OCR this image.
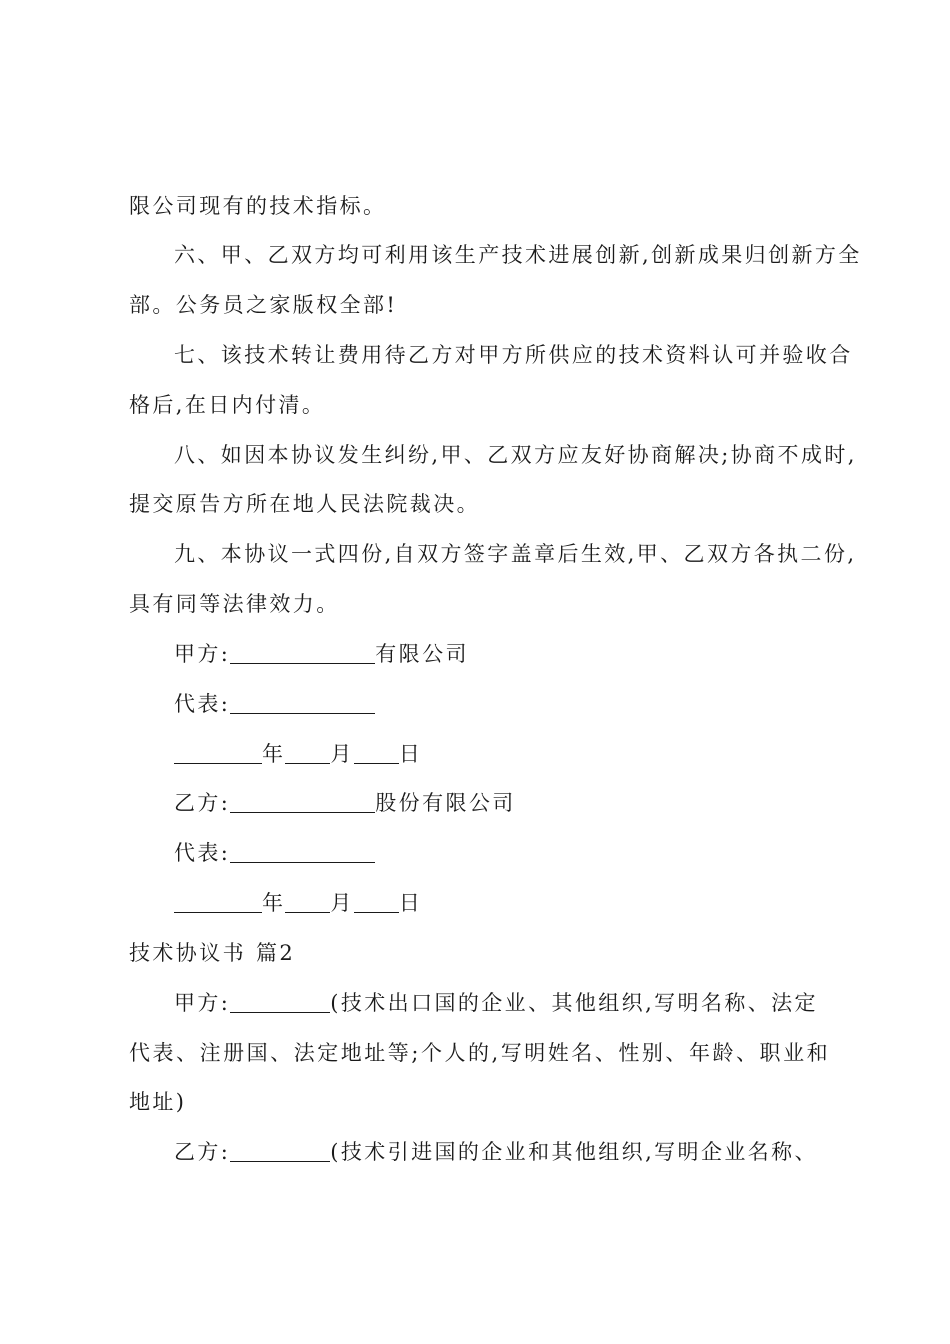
限公司现有的技术指标。
六、甲、乙双方均可利用该生产技术进展创新,创新成果归创新方全
部。公务员之家版权全部!
七、该技术转让费用待乙方对甲方所供应的技术资料认可并验收合
格后,在日内付清。
八、如因本协议发生纠纷,甲、乙双方应友好协商解决;协商不成时,
提交原告方所在地人民法院裁决。
九、本协议一式四份,自双方签字盖章后生效,甲、乙双方各执二份,
具有同等法律效力。
甲方:	有限公司
代表:
年 月 日
乙方:	股份有限公司
代表:
年 月 日
技术协议书 篇2
甲方:	(技术出口国的企业、其他组织,写明名称、法定
代表、注册国、法定地址等;个人的,写明姓名、性别、年龄、职业和
地址)
乙方:	(技术引进国的企业和其他组织,写明企业名称、
